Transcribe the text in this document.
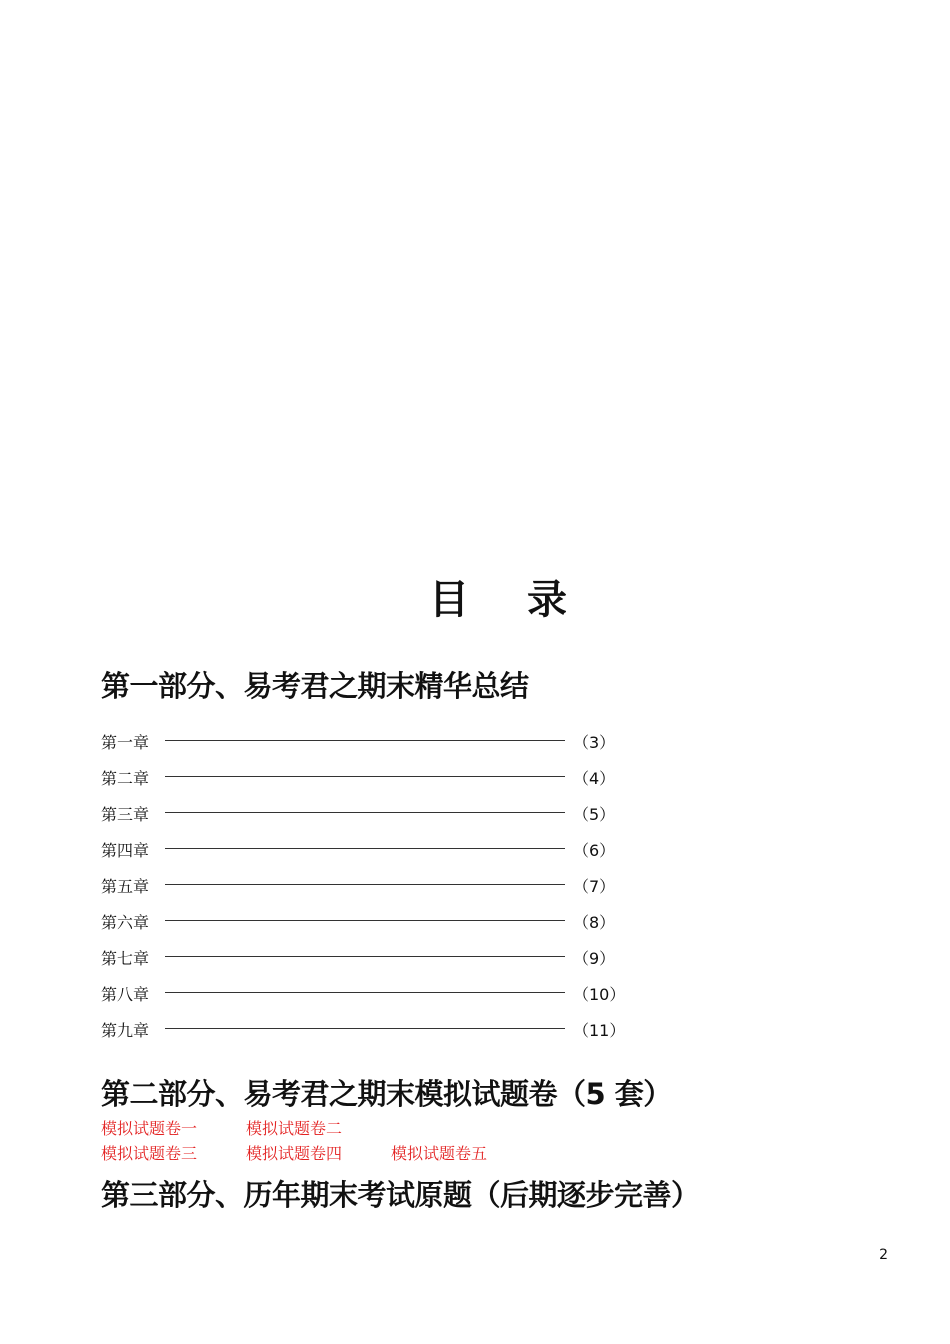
目 录
第一部分、易考君之期末精华总结
第一章	（3）
第二章	（4）
第三章	（5）
第四章	（6）
第五章	（7）
第六章	（8）
第七章	（9）
第八章	（10）
第九章	（11）
第二部分、易考君之期末模拟试题卷（5 套）
模拟试题卷一	模拟试题卷二
模拟试题卷三	模拟试题卷四	模拟试题卷五
第三部分、历年期末考试原题（后期逐步完善）
2
